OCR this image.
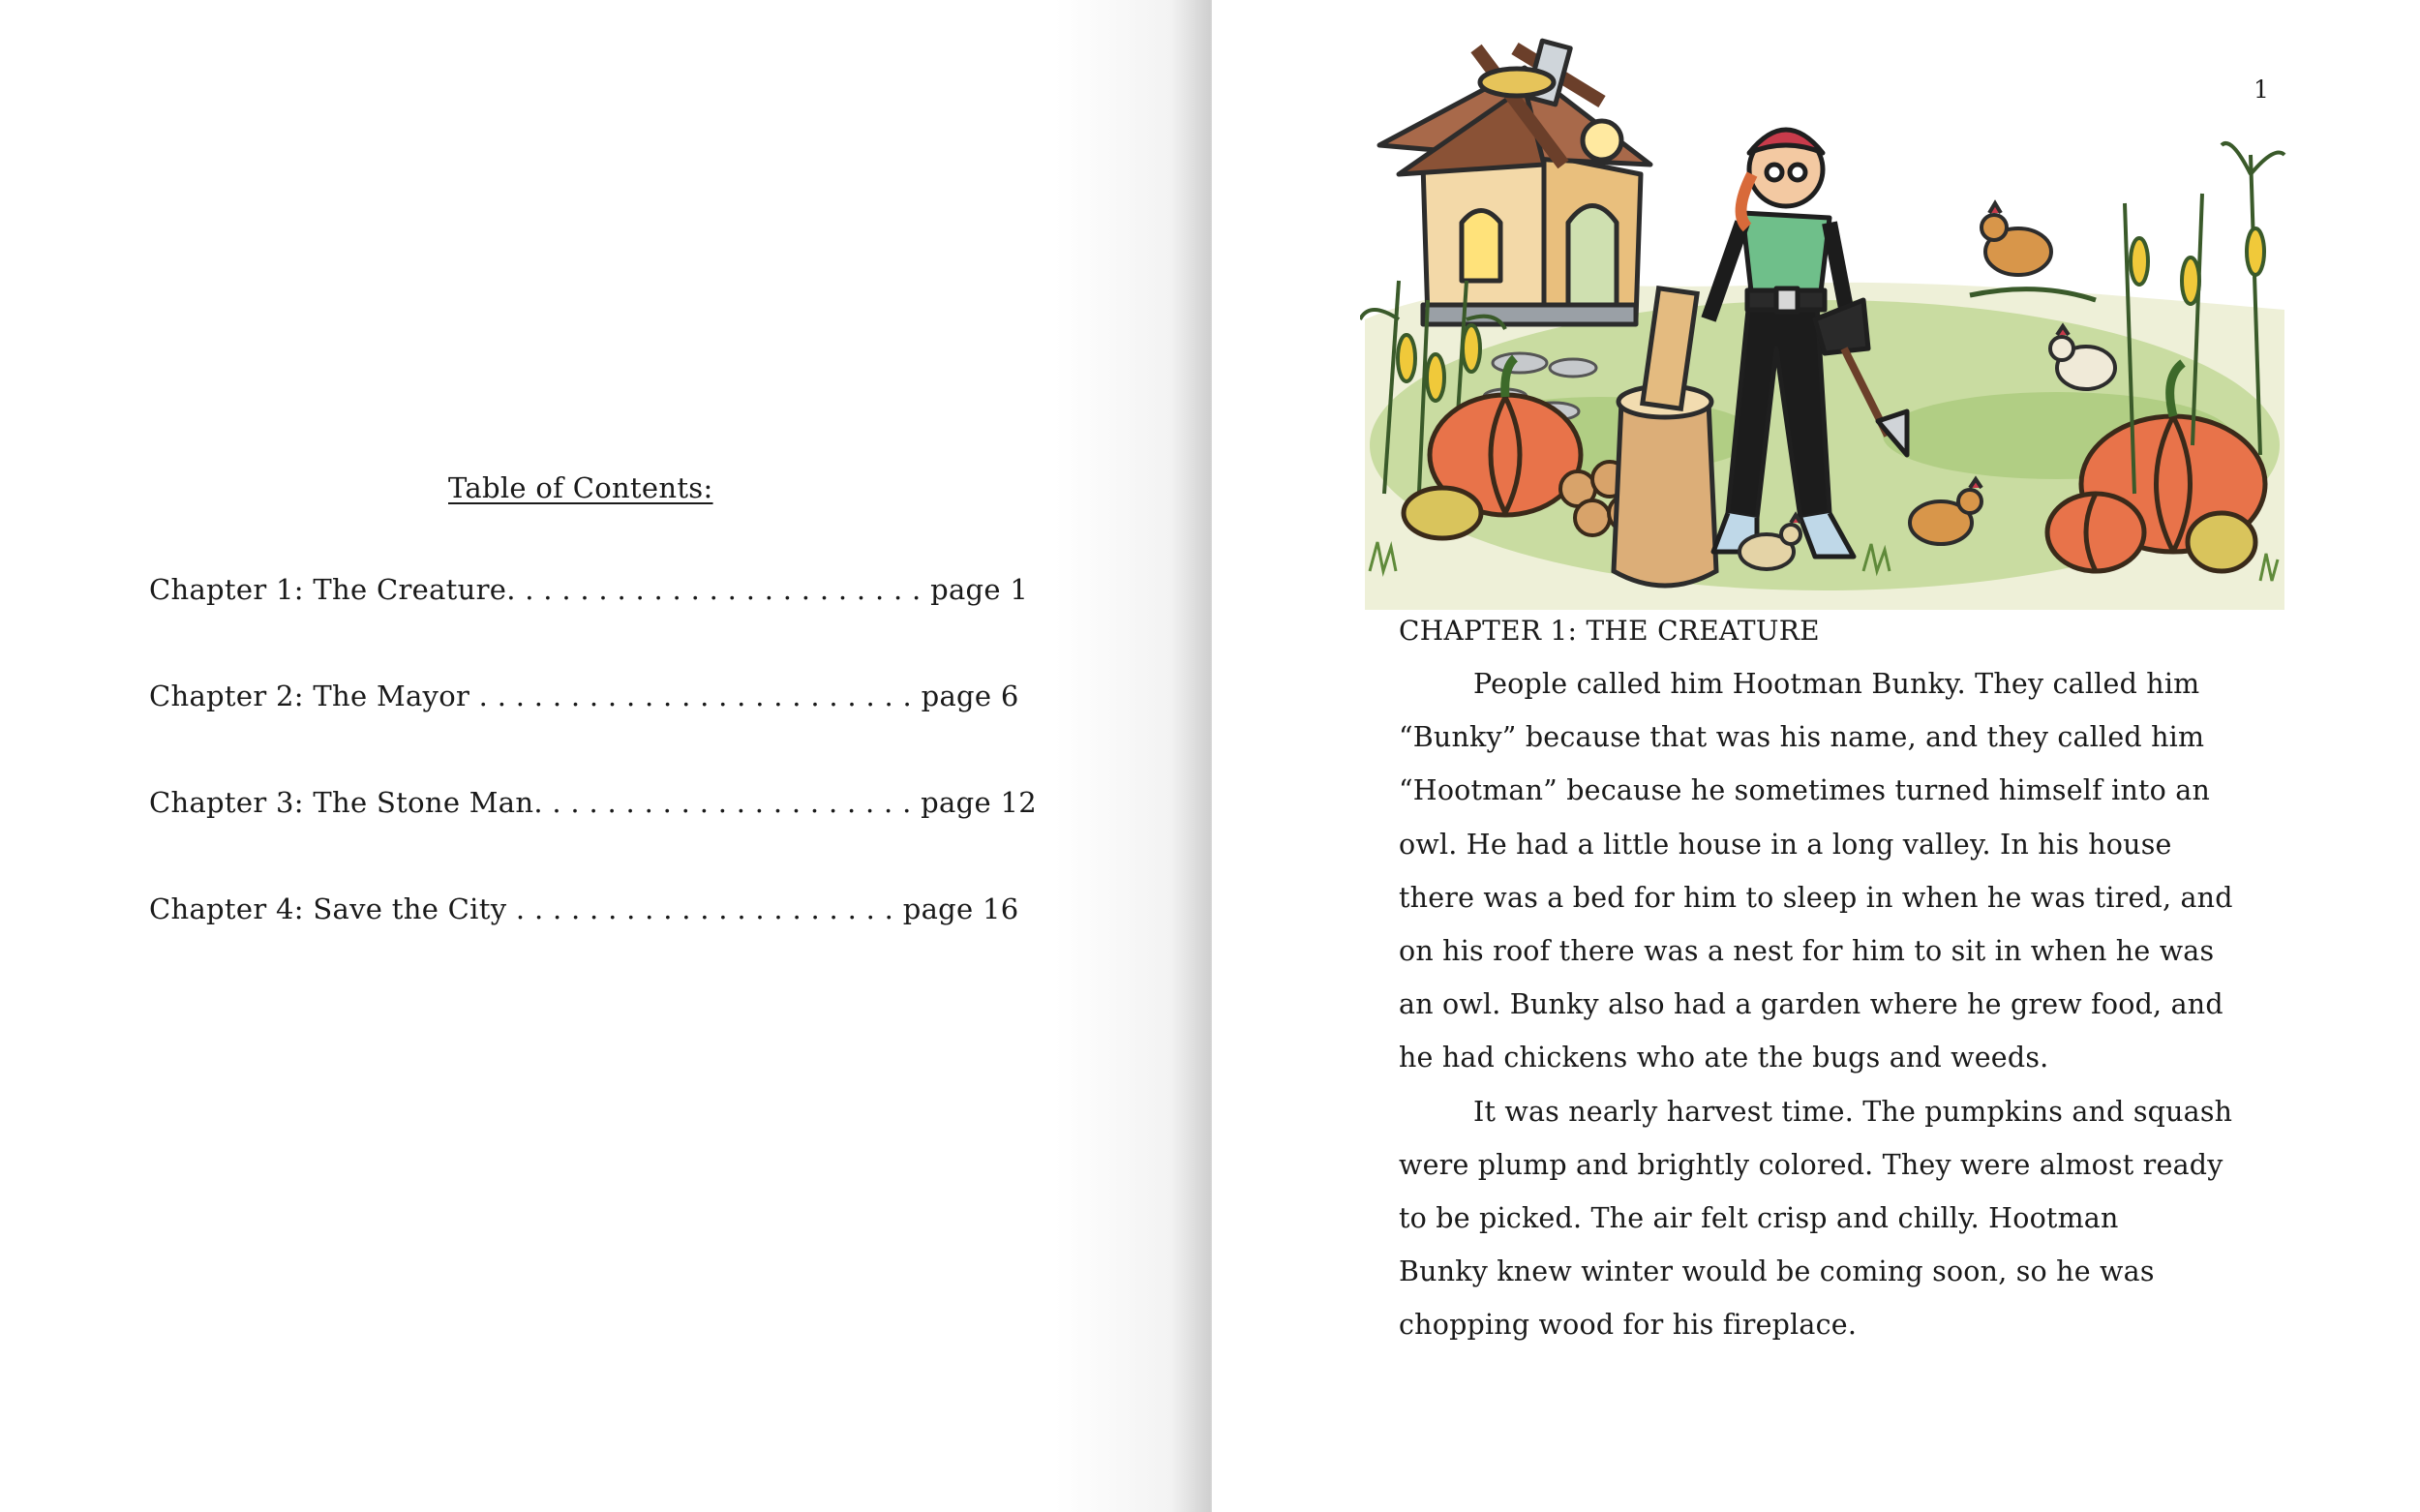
Table of Contents:
Chapter 1: The Creature. . . . . . . . . . . . . . . . . . . . . . . page 1
Chapter 2: The Mayor . . . . . . . . . . . . . . . . . . . . . . . . page 6
Chapter 3: The Stone Man. . . . . . . . . . . . . . . . . . . . . page 12
Chapter 4: Save the City . . . . . . . . . . . . . . . . . . . . . page 16
1
CHAPTER 1: THE CREATURE
People called him Hootman Bunky. They called him
“Bunky” because that was his name, and they called him
“Hootman” because he sometimes turned himself into an
owl. He had a little house in a long valley. In his house
there was a bed for him to sleep in when he was tired, and
on his roof there was a nest for him to sit in when he was
an owl. Bunky also had a garden where he grew food, and
he had chickens who ate the bugs and weeds.
It was nearly harvest time. The pumpkins and squash
were plump and brightly colored. They were almost ready
to be picked. The air felt crisp and chilly. Hootman
Bunky knew winter would be coming soon, so he was
chopping wood for his fireplace.
